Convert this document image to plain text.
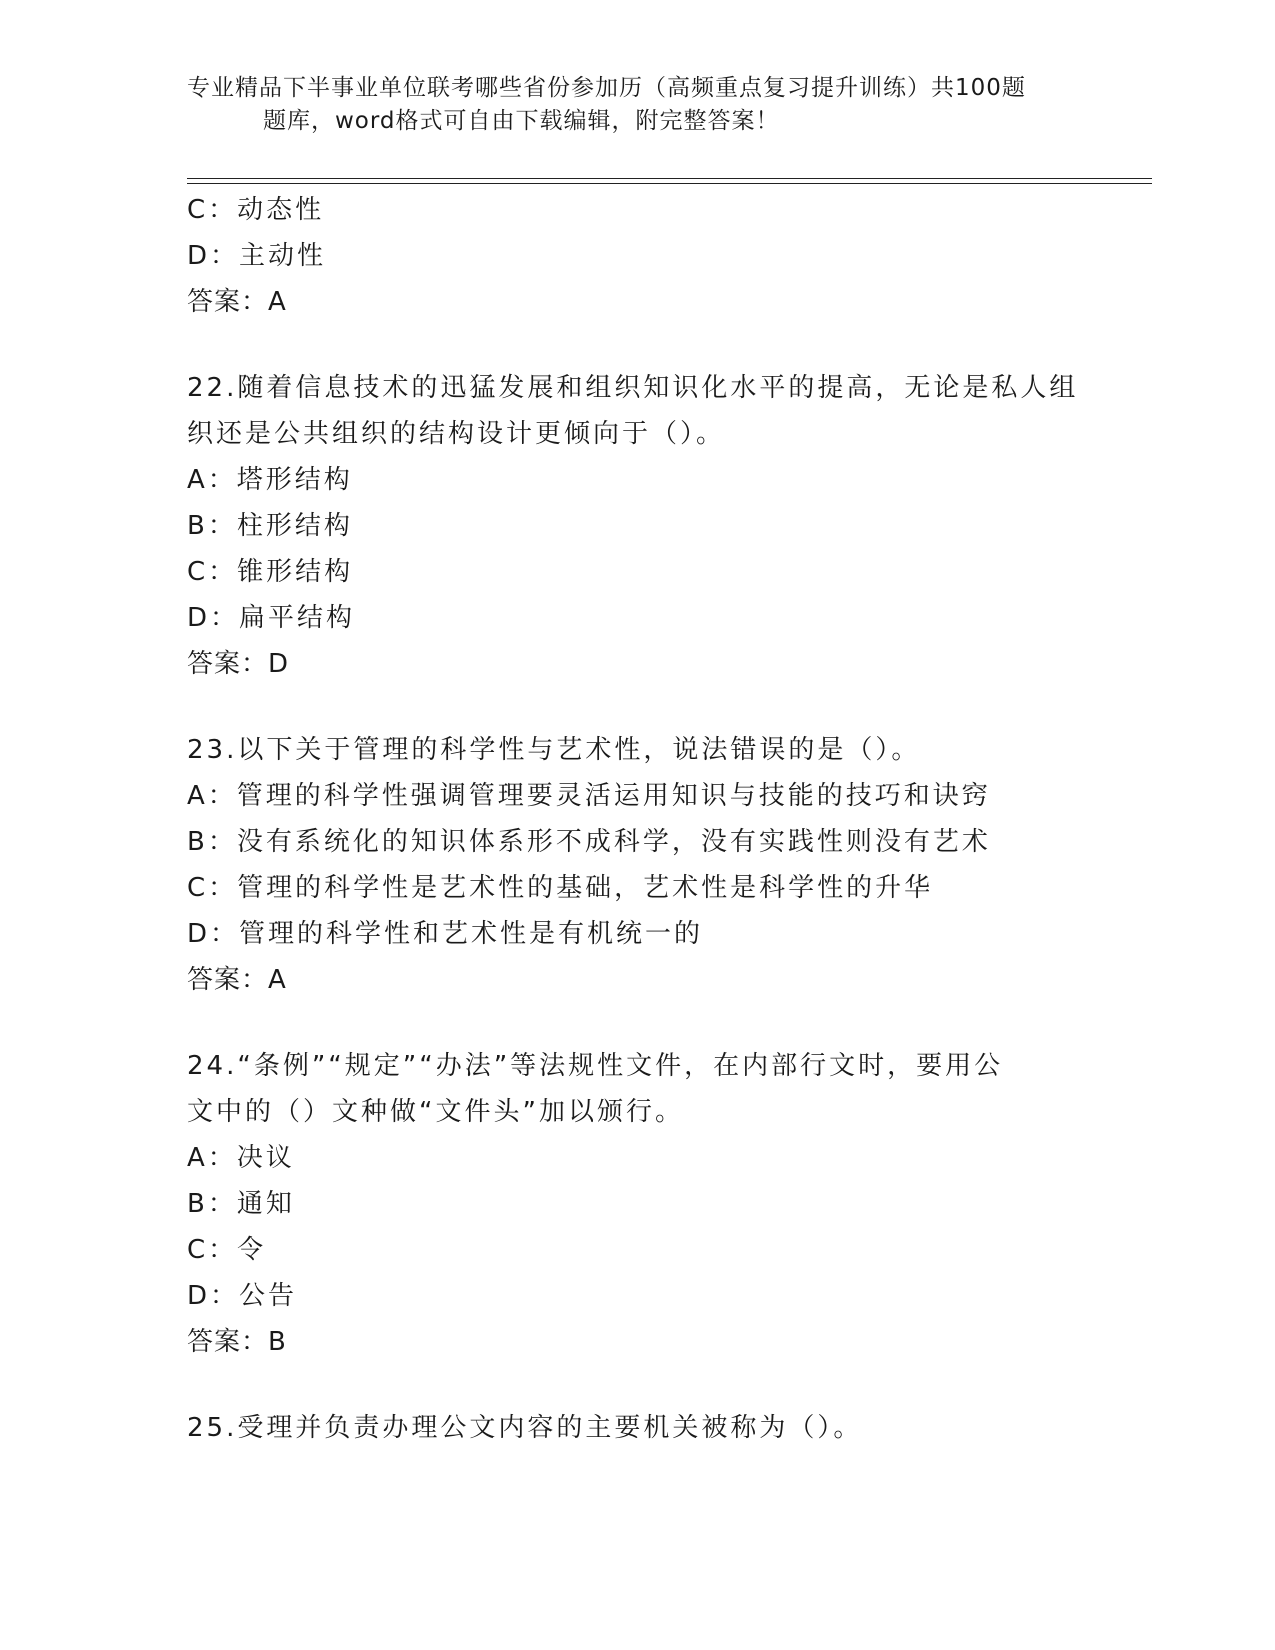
专业精品下半事业单位联考哪些省份参加历（高频重点复习提升训练）共100题
题库，word格式可自由下载编辑，附完整答案！
C：动态性
D：主动性
答案：A
22.随着信息技术的迅猛发展和组织知识化水平的提高，无论是私人组
织还是公共组织的结构设计更倾向于（）。
A：塔形结构
B：柱形结构
C：锥形结构
D：扁平结构
答案：D
23.以下关于管理的科学性与艺术性，说法错误的是（）。
A：管理的科学性强调管理要灵活运用知识与技能的技巧和诀窍
B：没有系统化的知识体系形不成科学，没有实践性则没有艺术
C：管理的科学性是艺术性的基础，艺术性是科学性的升华
D：管理的科学性和艺术性是有机统一的
答案：A
24.“条例”“规定”“办法”等法规性文件，在内部行文时，要用公
文中的（）文种做“文件头”加以颁行。
A：决议
B：通知
C：令
D：公告
答案：B
25.受理并负责办理公文内容的主要机关被称为（）。
